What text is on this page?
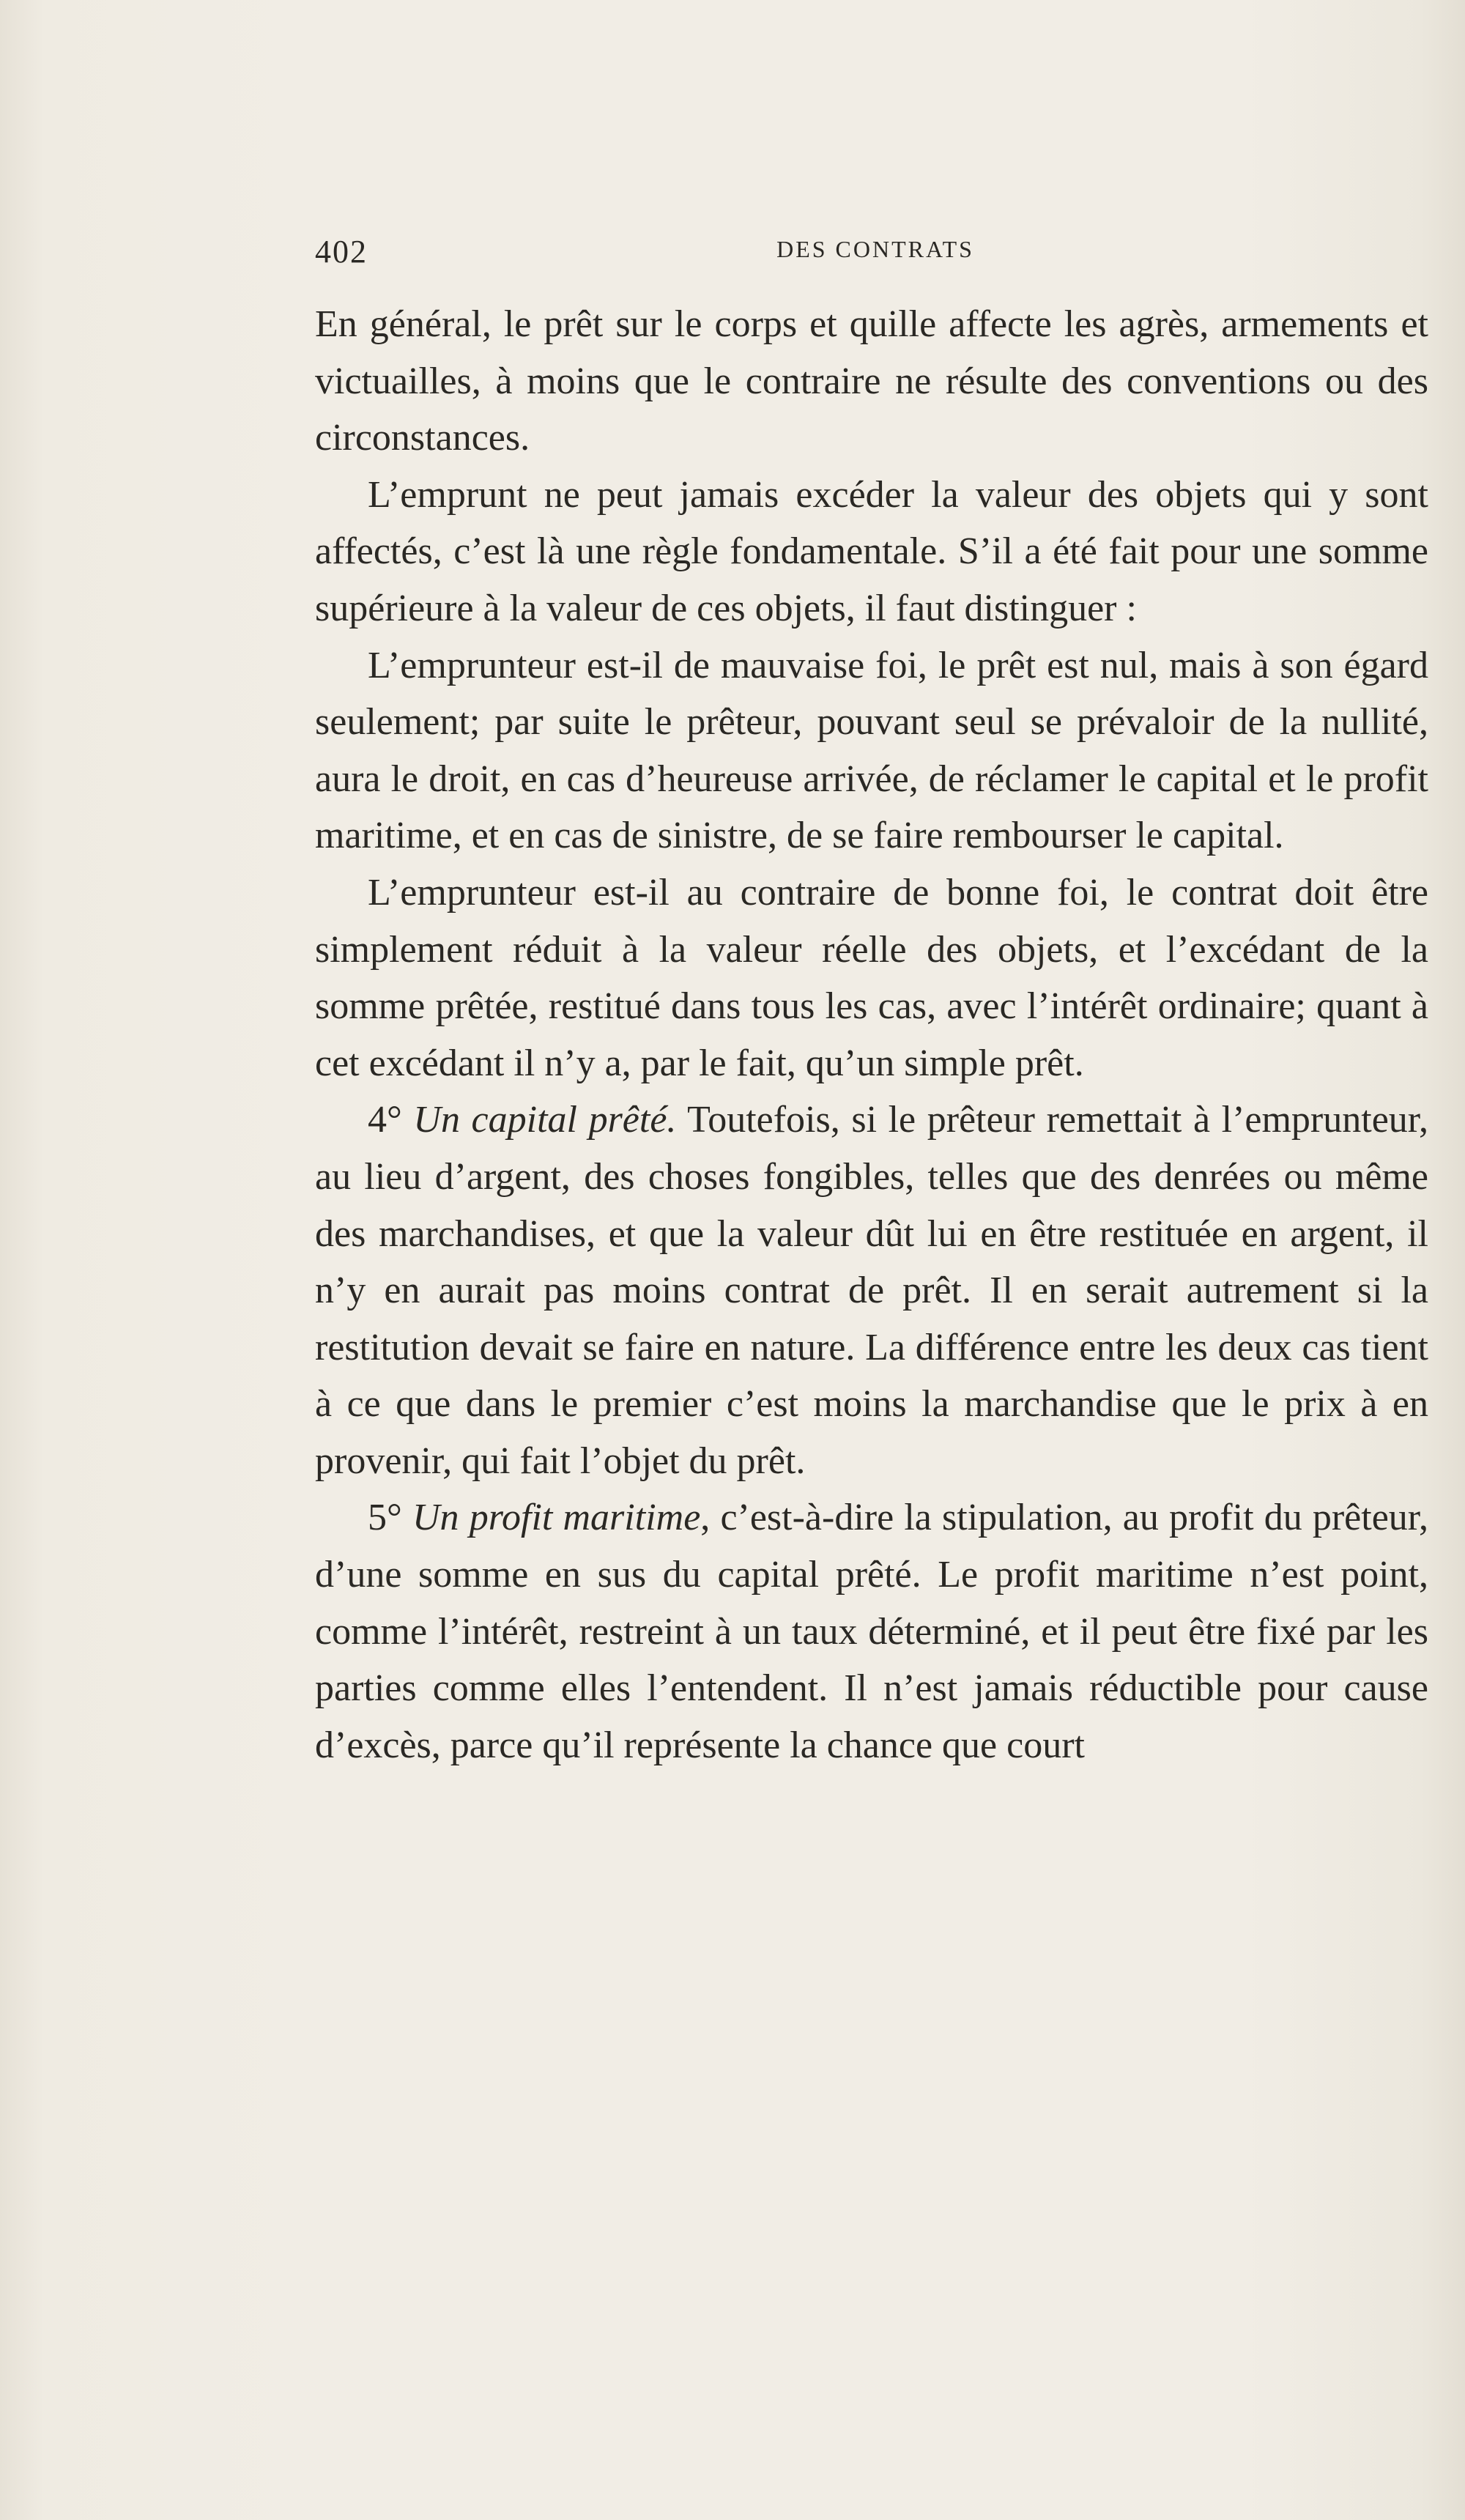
402	DES CONTRATS

En général, le prêt sur le corps et quille affecte les agrès, armements et victuailles, à moins que le contraire ne résulte des conventions ou des circonstances.

L’emprunt ne peut jamais excéder la valeur des objets qui y sont affectés, c’est là une règle fondamentale. S’il a été fait pour une somme supérieure à la valeur de ces objets, il faut distinguer :

L’emprunteur est-il de mauvaise foi, le prêt est nul, mais à son égard seulement; par suite le prêteur, pouvant seul se prévaloir de la nullité, aura le droit, en cas d’heureuse arrivée, de réclamer le capital et le profit maritime, et en cas de sinistre, de se faire rembourser le capital.

L’emprunteur est-il au contraire de bonne foi, le contrat doit être simplement réduit à la valeur réelle des objets, et l’excédant de la somme prêtée, restitué dans tous les cas, avec l’intérêt ordinaire; quant à cet excédant il n’y a, par le fait, qu’un simple prêt.

4° Un capital prêté. Toutefois, si le prêteur remettait à l’emprunteur, au lieu d’argent, des choses fongibles, telles que des denrées ou même des marchandises, et que la valeur dût lui en être restituée en argent, il n’y en aurait pas moins contrat de prêt. Il en serait autrement si la restitution devait se faire en nature. La différence entre les deux cas tient à ce que dans le premier c’est moins la marchandise que le prix à en provenir, qui fait l’objet du prêt.

5° Un profit maritime, c’est-à-dire la stipulation, au profit du prêteur, d’une somme en sus du capital prêté. Le profit maritime n’est point, comme l’intérêt, restreint à un taux déterminé, et il peut être fixé par les parties comme elles l’entendent. Il n’est jamais réductible pour cause d’excès, parce qu’il représente la chance que court
